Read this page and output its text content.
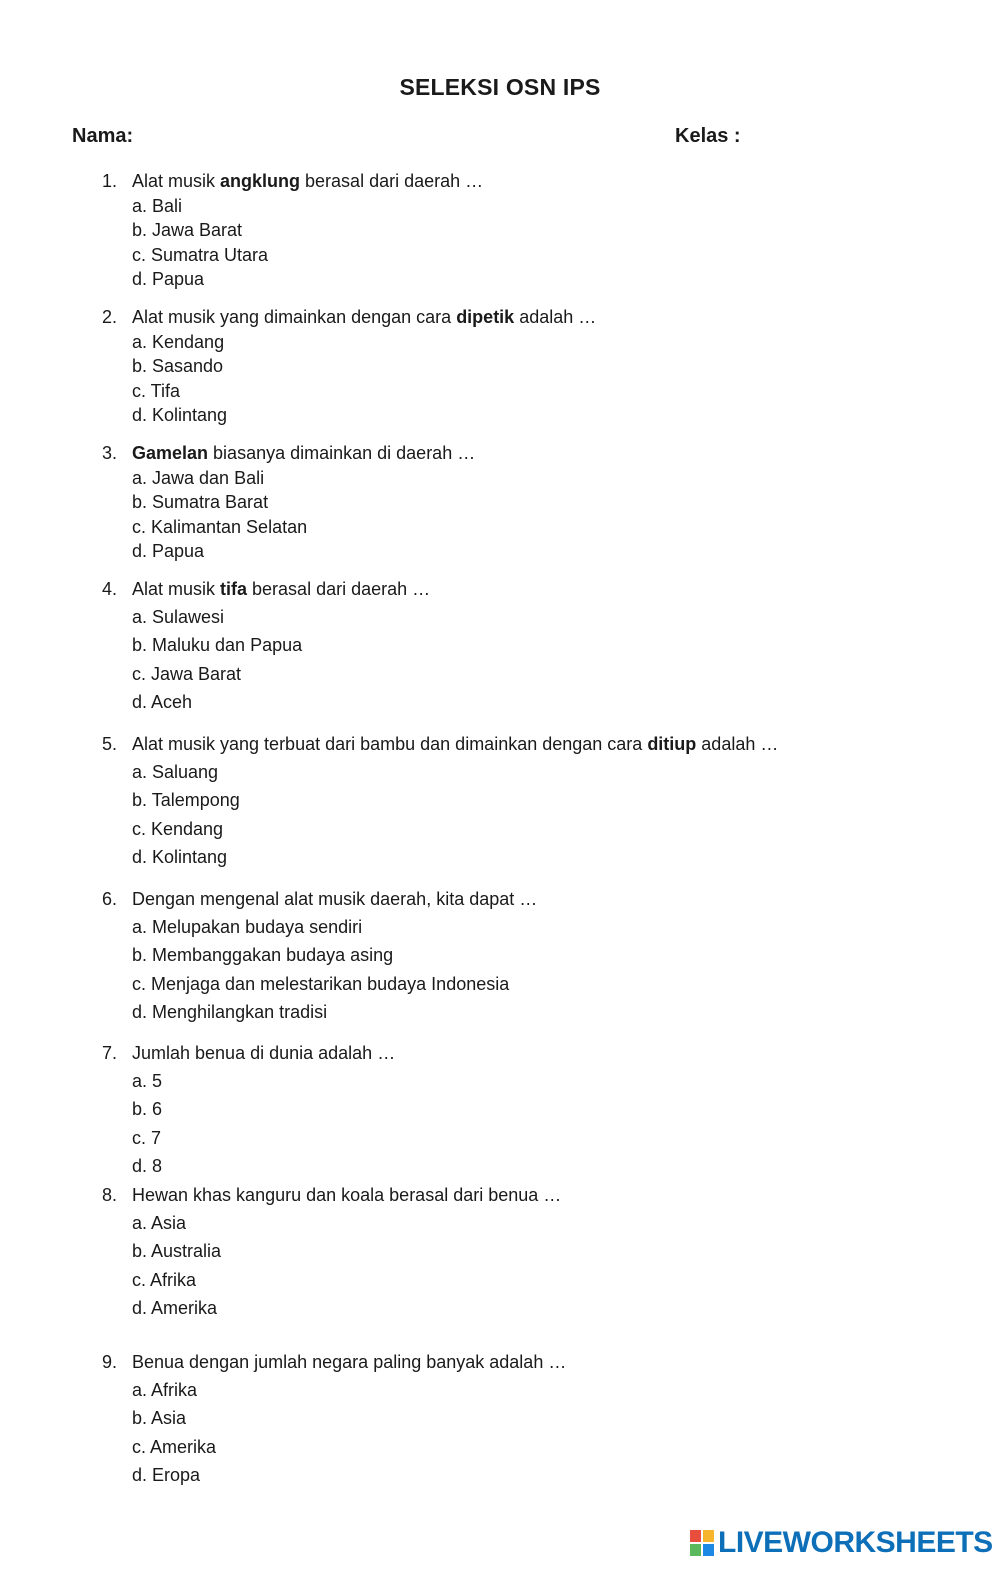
SELEKSI OSN IPS
Nama:	Kelas :
1. Alat musik angklung berasal dari daerah …
a. Bali
b. Jawa Barat
c. Sumatra Utara
d. Papua
2. Alat musik yang dimainkan dengan cara dipetik adalah …
a. Kendang
b. Sasando
c. Tifa
d. Kolintang
3. Gamelan biasanya dimainkan di daerah …
a. Jawa dan Bali
b. Sumatra Barat
c. Kalimantan Selatan
d. Papua
4. Alat musik tifa berasal dari daerah …
a. Sulawesi
b. Maluku dan Papua
c. Jawa Barat
d. Aceh
5. Alat musik yang terbuat dari bambu dan dimainkan dengan cara ditiup adalah …
a. Saluang
b. Talempong
c. Kendang
d. Kolintang
6. Dengan mengenal alat musik daerah, kita dapat …
a. Melupakan budaya sendiri
b. Membanggakan budaya asing
c. Menjaga dan melestarikan budaya Indonesia
d. Menghilangkan tradisi
7. Jumlah benua di dunia adalah …
a. 5
b. 6
c. 7
d. 8
8. Hewan khas kanguru dan koala berasal dari benua …
a. Asia
b. Australia
c. Afrika
d. Amerika
9. Benua dengan jumlah negara paling banyak adalah …
a. Afrika
b. Asia
c. Amerika
d. Eropa
LIVEWORKSHEETS
